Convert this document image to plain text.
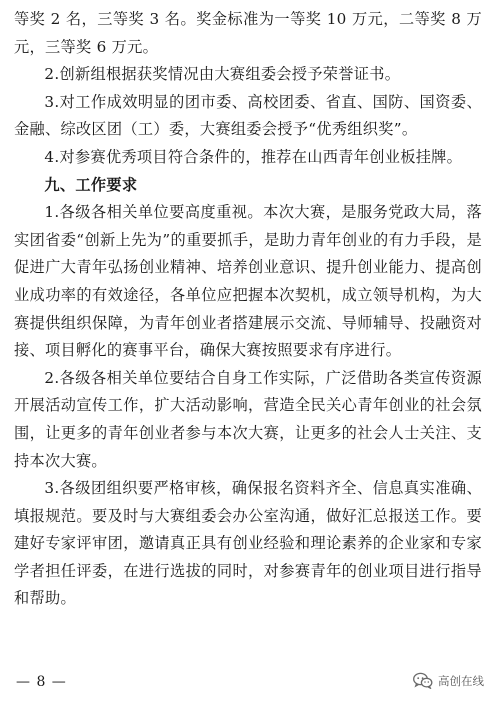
等奖 2 名，三等奖 3 名。奖金标准为一等奖 10 万元，二等奖 8 万元，三等奖 6 万元。

2.创新组根据获奖情况由大赛组委会授予荣誉证书。

3.对工作成效明显的团市委、高校团委、省直、国防、国资委、金融、综改区团（工）委，大赛组委会授予“优秀组织奖”。

4.对参赛优秀项目符合条件的，推荐在山西青年创业板挂牌。

九、工作要求

1.各级各相关单位要高度重视。本次大赛，是服务党政大局，落实团省委“创新上先为”的重要抓手，是助力青年创业的有力手段，是促进广大青年弘扬创业精神、培养创业意识、提升创业能力、提高创业成功率的有效途径，各单位应把握本次契机，成立领导机构，为大赛提供组织保障，为青年创业者搭建展示交流、导师辅导、投融资对接、项目孵化的赛事平台，确保大赛按照要求有序进行。

2.各级各相关单位要结合自身工作实际，广泛借助各类宣传资源开展活动宣传工作，扩大活动影响，营造全民关心青年创业的社会氛围，让更多的青年创业者参与本次大赛，让更多的社会人士关注、支持本次大赛。

3.各级团组织要严格审核，确保报名资料齐全、信息真实准确、填报规范。要及时与大赛组委会办公室沟通，做好汇总报送工作。要建好专家评审团，邀请真正具有创业经验和理论素养的企业家和专家学者担任评委，在进行选拔的同时，对参赛青年的创业项目进行指导和帮助。

— 8 —	高创在线
